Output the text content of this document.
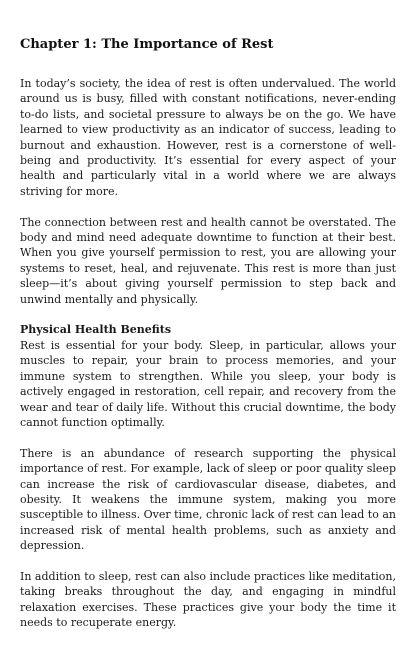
Chapter 1: The Importance of Rest

In today’s society, the idea of rest is often undervalued. The world around us is busy, filled with constant notifications, never-ending to-do lists, and societal pressure to always be on the go. We have learned to view productivity as an indicator of success, leading to burnout and exhaustion. However, rest is a cornerstone of well-being and productivity. It’s essential for every aspect of your health and particularly vital in a world where we are always striving for more.

The connection between rest and health cannot be overstated. The body and mind need adequate downtime to function at their best. When you give yourself permission to rest, you are allowing your systems to reset, heal, and rejuvenate. This rest is more than just sleep—it’s about giving yourself permission to step back and unwind mentally and physically.

Physical Health Benefits

Rest is essential for your body. Sleep, in particular, allows your muscles to repair, your brain to process memories, and your immune system to strengthen. While you sleep, your body is actively engaged in restoration, cell repair, and recovery from the wear and tear of daily life. Without this crucial downtime, the body cannot function optimally.

There is an abundance of research supporting the physical importance of rest. For example, lack of sleep or poor quality sleep can increase the risk of cardiovascular disease, diabetes, and obesity. It weakens the immune system, making you more susceptible to illness. Over time, chronic lack of rest can lead to an increased risk of mental health problems, such as anxiety and depression.

In addition to sleep, rest can also include practices like meditation, taking breaks throughout the day, and engaging in mindful relaxation exercises. These practices give your body the time it needs to recuperate energy.
